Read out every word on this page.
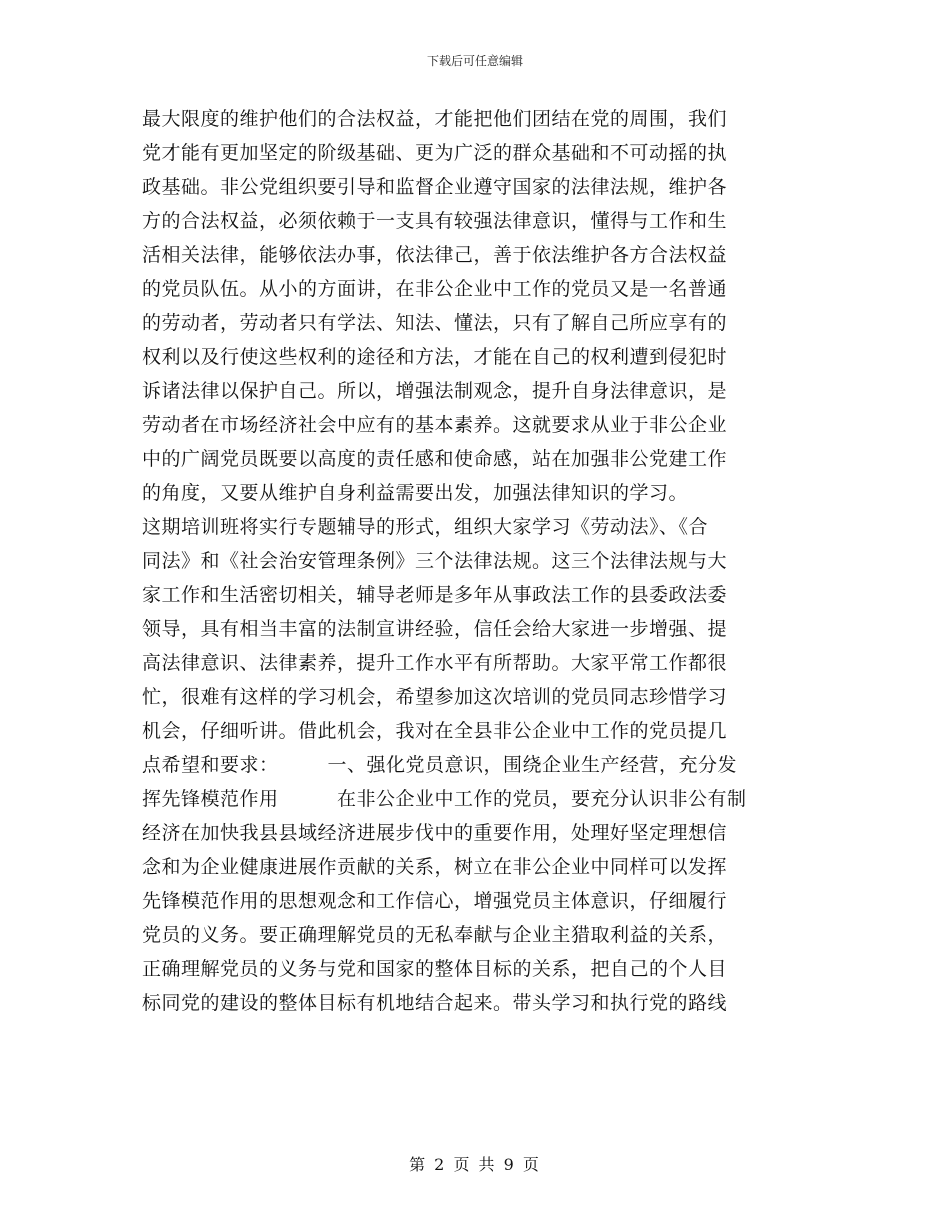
下载后可任意编辑
最大限度的维护他们的合法权益，才能把他们团结在党的周围，我们
党才能有更加坚定的阶级基础、更为广泛的群众基础和不可动摇的执
政基础。非公党组织要引导和监督企业遵守国家的法律法规，维护各
方的合法权益，必须依赖于一支具有较强法律意识，懂得与工作和生
活相关法律，能够依法办事，依法律己，善于依法维护各方合法权益
的党员队伍。从小的方面讲，在非公企业中工作的党员又是一名普通
的劳动者，劳动者只有学法、知法、懂法，只有了解自己所应享有的
权利以及行使这些权利的途径和方法，才能在自己的权利遭到侵犯时
诉诸法律以保护自己。所以，增强法制观念，提升自身法律意识，是
劳动者在市场经济社会中应有的基本素养。这就要求从业于非公企业
中的广阔党员既要以高度的责任感和使命感，站在加强非公党建工作
的角度，又要从维护自身利益需要出发，加强法律知识的学习。
这期培训班将实行专题辅导的形式，组织大家学习《劳动法》、《合
同法》和《社会治安管理条例》三个法律法规。这三个法律法规与大
家工作和生活密切相关，辅导老师是多年从事政法工作的县委政法委
领导，具有相当丰富的法制宣讲经验，信任会给大家进一步增强、提
高法律意识、法律素养，提升工作水平有所帮助。大家平常工作都很
忙，很难有这样的学习机会，希望参加这次培训的党员同志珍惜学习
机会，仔细听讲。借此机会，我对在全县非公企业中工作的党员提几
点希望和要求：　　　一、强化党员意识，围绕企业生产经营，充分发
挥先锋模范作用　　　在非公企业中工作的党员，要充分认识非公有制
经济在加快我县县域经济进展步伐中的重要作用，处理好坚定理想信
念和为企业健康进展作贡献的关系，树立在非公企业中同样可以发挥
先锋模范作用的思想观念和工作信心，增强党员主体意识，仔细履行
党员的义务。要正确理解党员的无私奉献与企业主猎取利益的关系，
正确理解党员的义务与党和国家的整体目标的关系，把自己的个人目
标同党的建设的整体目标有机地结合起来。带头学习和执行党的路线
第 2 页 共 9 页
